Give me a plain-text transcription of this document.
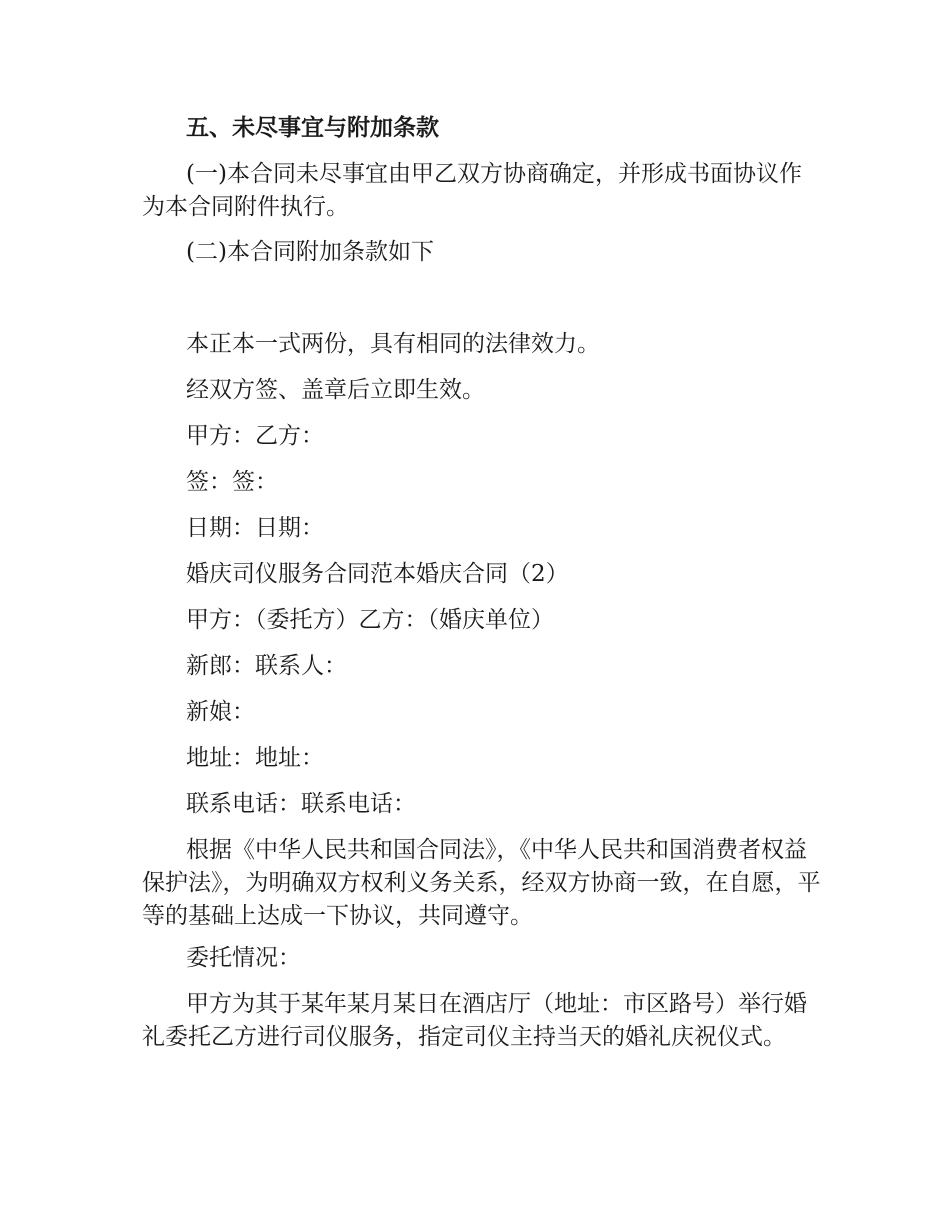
五、未尽事宜与附加条款
(一)本合同未尽事宜由甲乙双方协商确定，并形成书面协议作为本合同附件执行。
(二)本合同附加条款如下
本正本一式两份，具有相同的法律效力。
经双方签、盖章后立即生效。
甲方：乙方：
签：签：
日期：日期：
婚庆司仪服务合同范本婚庆合同（2）
甲方：（委托方）乙方：（婚庆单位）
新郎：联系人：
新娘：
地址：地址：
联系电话：联系电话：
根据《中华人民共和国合同法》，《中华人民共和国消费者权益保护法》，为明确双方权利义务关系，经双方协商一致，在自愿，平等的基础上达成一下协议，共同遵守。
委托情况：
甲方为其于某年某月某日在酒店厅（地址：市区路号）举行婚礼委托乙方进行司仪服务，指定司仪主持当天的婚礼庆祝仪式。
